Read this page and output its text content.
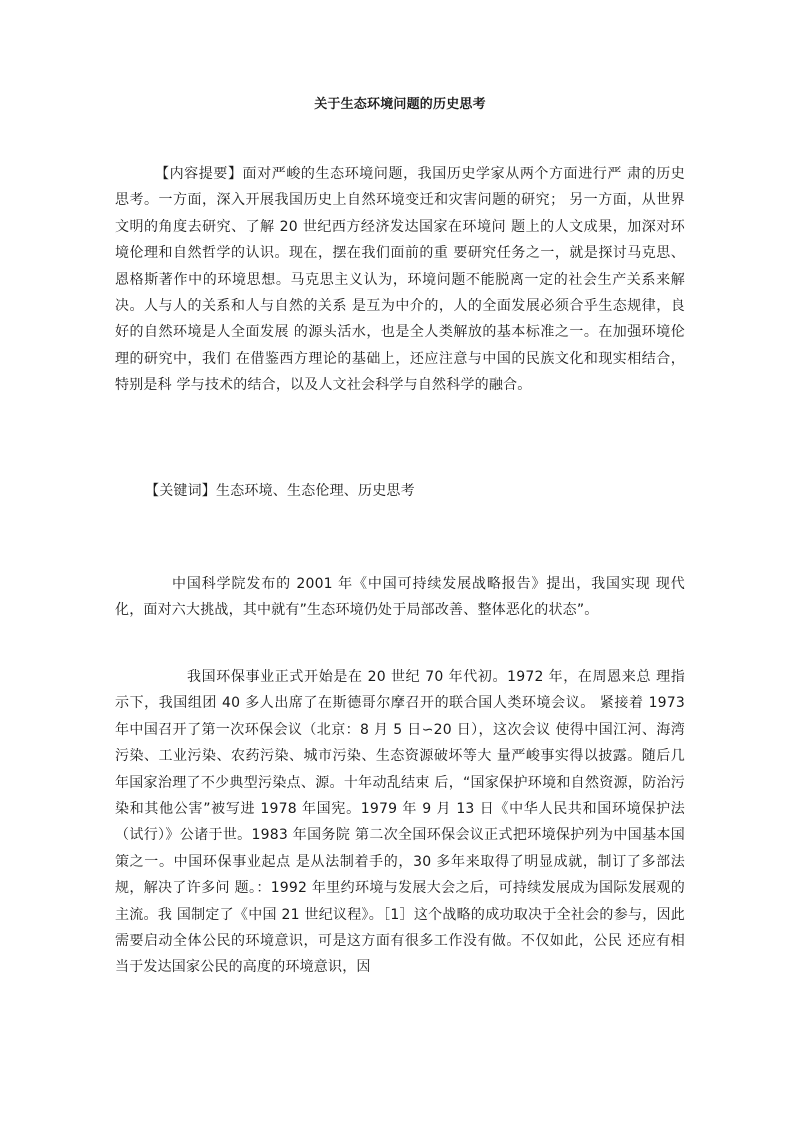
关于生态环境问题的历史思考

【内容提要】面对严峻的生态环境问题，我国历史学家从两个方面进行严 肃的历史思考。一方面，深入开展我国历史上自然环境变迁和灾害问题的研究； 另一方面，从世界文明的角度去研究、了解 20 世纪西方经济发达国家在环境问 题上的人文成果，加深对环境伦理和自然哲学的认识。现在，摆在我们面前的重 要研究任务之一，就是探讨马克思、恩格斯著作中的环境思想。马克思主义认为，环境问题不能脱离一定的社会生产关系来解决。人与人的关系和人与自然的关系 是互为中介的，人的全面发展必须合乎生态规律，良好的自然环境是人全面发展 的源头活水，也是全人类解放的基本标准之一。在加强环境伦理的研究中，我们 在借鉴西方理论的基础上，还应注意与中国的民族文化和现实相结合，特别是科 学与技术的结合，以及人文社会科学与自然科学的融合。

【关键词】生态环境、生态伦理、历史思考

中国科学院发布的 2001 年《中国可持续发展战略报告》提出，我国实现 现代化，面对六大挑战，其中就有”生态环境仍处于局部改善、整体恶化的状态”。

我国环保事业正式开始是在 20 世纪 70 年代初。1972 年，在周恩来总 理指示下，我国组团 40 多人出席了在斯德哥尔摩召开的联合国人类环境会议。 紧接着 1973 年中国召开了第一次环保会议（北京：8 月 5 日∽20 日），这次会议 使得中国江河、海湾污染、工业污染、农药污染、城市污染、生态资源破坏等大 量严峻事实得以披露。随后几年国家治理了不少典型污染点、源。十年动乱结束 后，“国家保护环境和自然资源，防治污染和其他公害”被写进 1978 年国宪。1979 年 9 月 13 日《中华人民共和国环境保护法（试行）》公诸于世。1983 年国务院 第二次全国环保会议正式把环境保护列为中国基本国策之一。中国环保事业起点 是从法制着手的，30 多年来取得了明显成就，制订了多部法规，解决了许多问 题。：1992 年里约环境与发展大会之后，可持续发展成为国际发展观的主流。我 国制定了《中国 21 世纪议程》。［1］这个战略的成功取决于全社会的参与，因此 需要启动全体公民的环境意识，可是这方面有很多工作没有做。不仅如此，公民 还应有相当于发达国家公民的高度的环境意识，因
